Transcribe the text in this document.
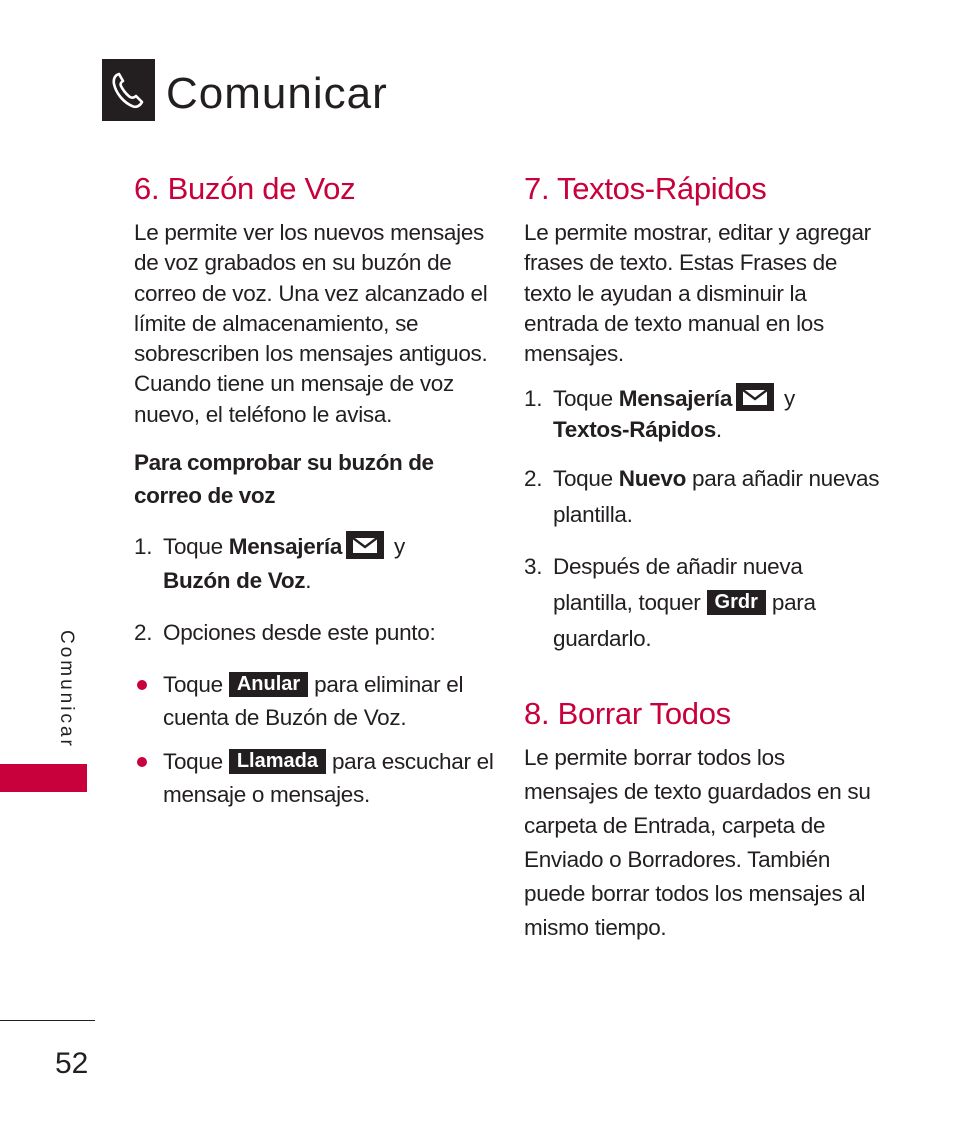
Comunicar
Comunicar
6. Buzón de Voz

Le permite ver los nuevos mensajes de voz grabados en su buzón de correo de voz. Una vez alcanzado el límite de almacenamiento, se sobrescriben los mensajes antiguos. Cuando tiene un mensaje de voz nuevo, el teléfono le avisa.

Para comprobar su buzón de correo de voz

1. Toque Mensajería y
Buzón de Voz.
2. Opciones desde este punto:
Toque Anular para eliminar el cuenta de Buzón de Voz.
Toque Llamada para escuchar el mensaje o mensajes.
7. Textos-Rápidos

Le permite mostrar, editar y agregar frases de texto. Estas Frases de texto le ayudan a disminuir la entrada de texto manual en los mensajes.

1. Toque Mensajería y
Textos-Rápidos.
2. Toque Nuevo para añadir nuevas plantilla.
3. Después de añadir nueva plantilla, toquer Grdr para guardarlo.
8. Borrar Todos

Le permite borrar todos los mensajes de texto guardados en su carpeta de Entrada, carpeta de Enviado o Borradores. También puede borrar todos los mensajes al mismo tiempo.

52
